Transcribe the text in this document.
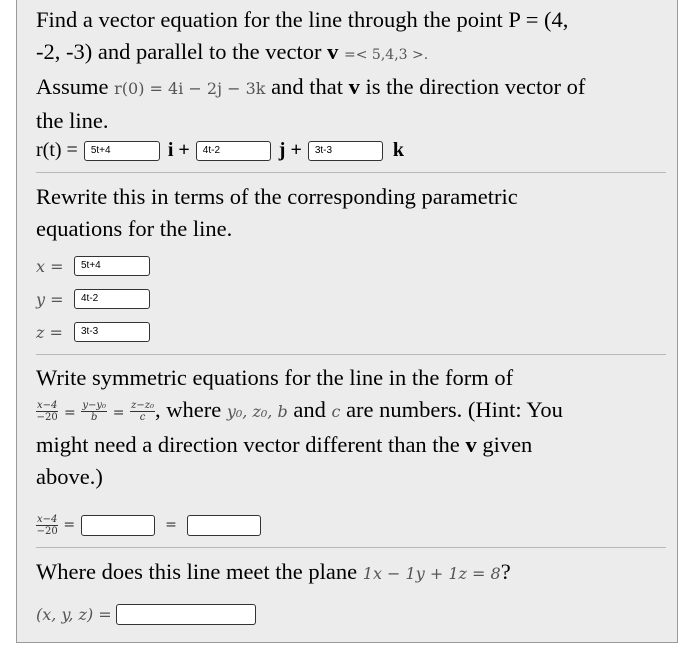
Find a vector equation for the line through the point P = (4,
-2, -3) and parallel to the vector v =< 5,4,3 >.
Assume r(0) = 4i − 2j − 3k and that v is the direction vector of
the line.
r(t) =	5t+4	i +	4t-2	j +	3t-3	k
Rewrite this in terms of the corresponding parametric
equations for the line.
x =	5t+4
y =	4t-2
z =	3t-3
Write symmetric equations for the line in the form of
$\frac{x-4}{-20} = \frac{\text{y−y₀}}{b} = \frac{\text{z−z₀}}{c}$ , where y₀, z₀, b and c are numbers. (Hint: You
might need a direction vector different than the v given
above.)
$\frac{x-4}{-20}$ =	=
Where does this line meet the plane 1x − 1y + 1z = 8?
(x, y, z) =
